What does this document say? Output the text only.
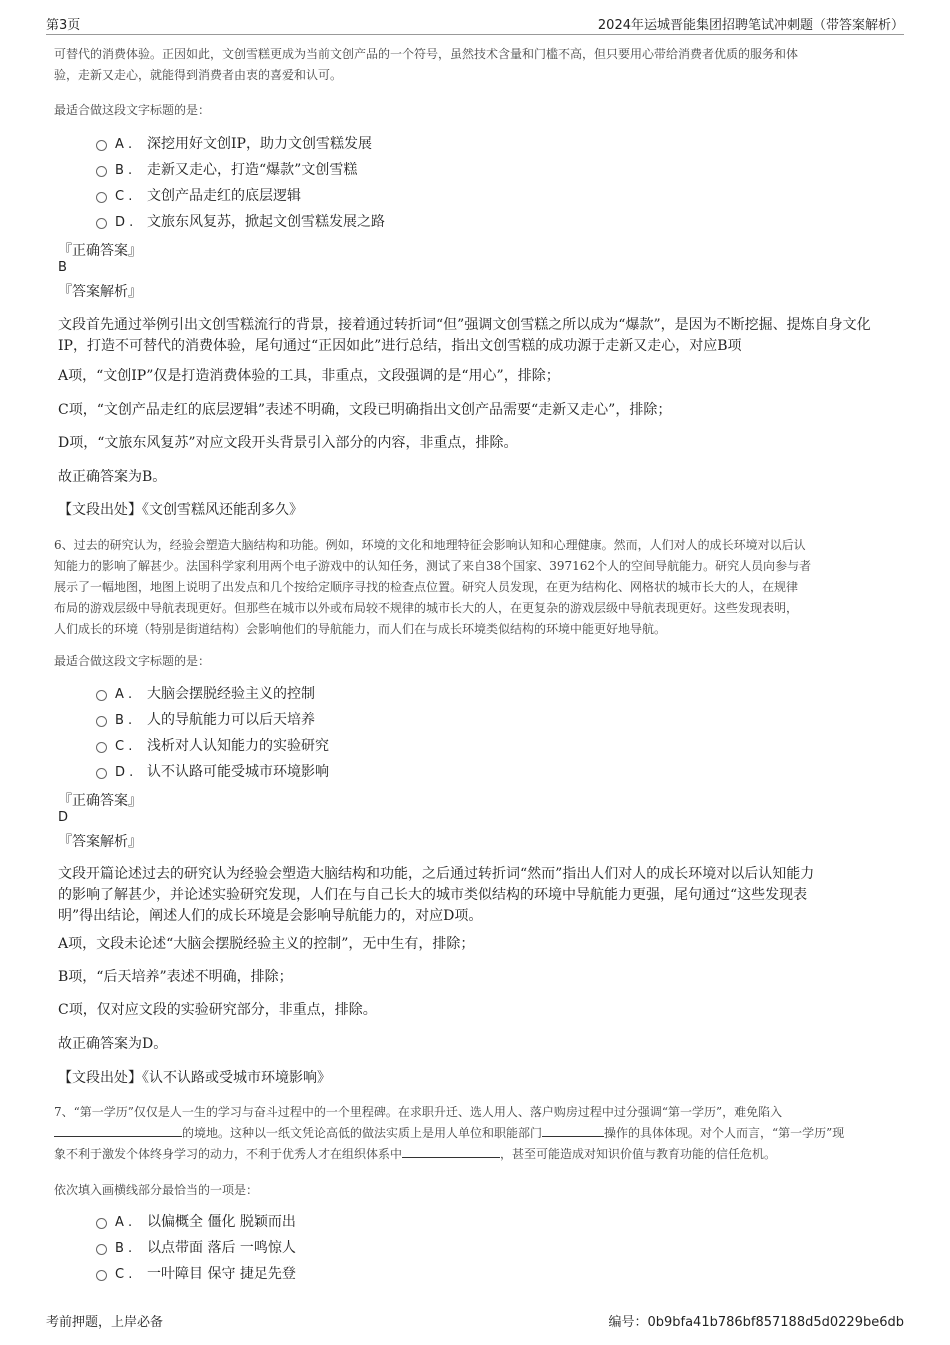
第3页	2024年运城晋能集团招聘笔试冲刺题（带答案解析）
可替代的消费体验。正因如此，文创雪糕更成为当前文创产品的一个符号，虽然技术含量和门槛不高，但只要用心带给消费者优质的服务和体
验，走新又走心，就能得到消费者由衷的喜爱和认可。
最适合做这段文字标题的是：
A . 深挖用好文创IP，助力文创雪糕发展
B . 走新又走心，打造“爆款”文创雪糕
C . 文创产品走红的底层逻辑
D . 文旅东风复苏，掀起文创雪糕发展之路
『正确答案』
B
『答案解析』
文段首先通过举例引出文创雪糕流行的背景，接着通过转折词“但”强调文创雪糕之所以成为“爆款”，是因为不断挖掘、提炼自身文化IP，打造不可替代的消费体验，尾句通过“正因如此”进行总结，指出文创雪糕的成功源于走新又走心，对应B项
A项，“文创IP”仅是打造消费体验的工具，非重点，文段强调的是“用心”，排除；
C项，“文创产品走红的底层逻辑”表述不明确，文段已明确指出文创产品需要“走新又走心”，排除；
D项，“文旅东风复苏”对应文段开头背景引入部分的内容，非重点，排除。
故正确答案为B。
【文段出处】《文创雪糕风还能刮多久》
6、过去的研究认为，经验会塑造大脑结构和功能。例如，环境的文化和地理特征会影响认知和心理健康。然而，人们对人的成长环境对以后认
知能力的影响了解甚少。法国科学家利用两个电子游戏中的认知任务，测试了来自38个国家、397162个人的空间导航能力。研究人员向参与者
展示了一幅地图，地图上说明了出发点和几个按给定顺序寻找的检查点位置。研究人员发现，在更为结构化、网格状的城市长大的人，在规律
布局的游戏层级中导航表现更好。但那些在城市以外或布局较不规律的城市长大的人，在更复杂的游戏层级中导航表现更好。这些发现表明，
人们成长的环境（特别是街道结构）会影响他们的导航能力，而人们在与成长环境类似结构的环境中能更好地导航。
最适合做这段文字标题的是：
A . 大脑会摆脱经验主义的控制
B . 人的导航能力可以后天培养
C . 浅析对人认知能力的实验研究
D . 认不认路可能受城市环境影响
『正确答案』
D
『答案解析』
文段开篇论述过去的研究认为经验会塑造大脑结构和功能，之后通过转折词“然而”指出人们对人的成长环境对以后认知能力
的影响了解甚少，并论述实验研究发现，人们在与自己长大的城市类似结构的环境中导航能力更强，尾句通过“这些发现表
明”得出结论，阐述人们的成长环境是会影响导航能力的，对应D项。
A项，文段未论述“大脑会摆脱经验主义的控制”，无中生有，排除；
B项，“后天培养”表述不明确，排除；
C项，仅对应文段的实验研究部分，非重点，排除。
故正确答案为D。
【文段出处】《认不认路或受城市环境影响》
7、“第一学历”仅仅是人一生的学习与奋斗过程中的一个里程碑。在求职升迁、选人用人、落户购房过程中过分强调“第一学历”，难免陷入
的境地。这种以一纸文凭论高低的做法实质上是用人单位和职能部门	操作的具体体现。对个人而言，“第一学历”现
象不利于激发个体终身学习的动力，不利于优秀人才在组织体系中	，甚至可能造成对知识价值与教育功能的信任危机。
依次填入画横线部分最恰当的一项是：
A . 以偏概全 僵化 脱颖而出
B . 以点带面 落后 一鸣惊人
C . 一叶障目 保守 捷足先登
考前押题，上岸必备	编号：0b9bfa41b786bf857188d5d0229be6db
